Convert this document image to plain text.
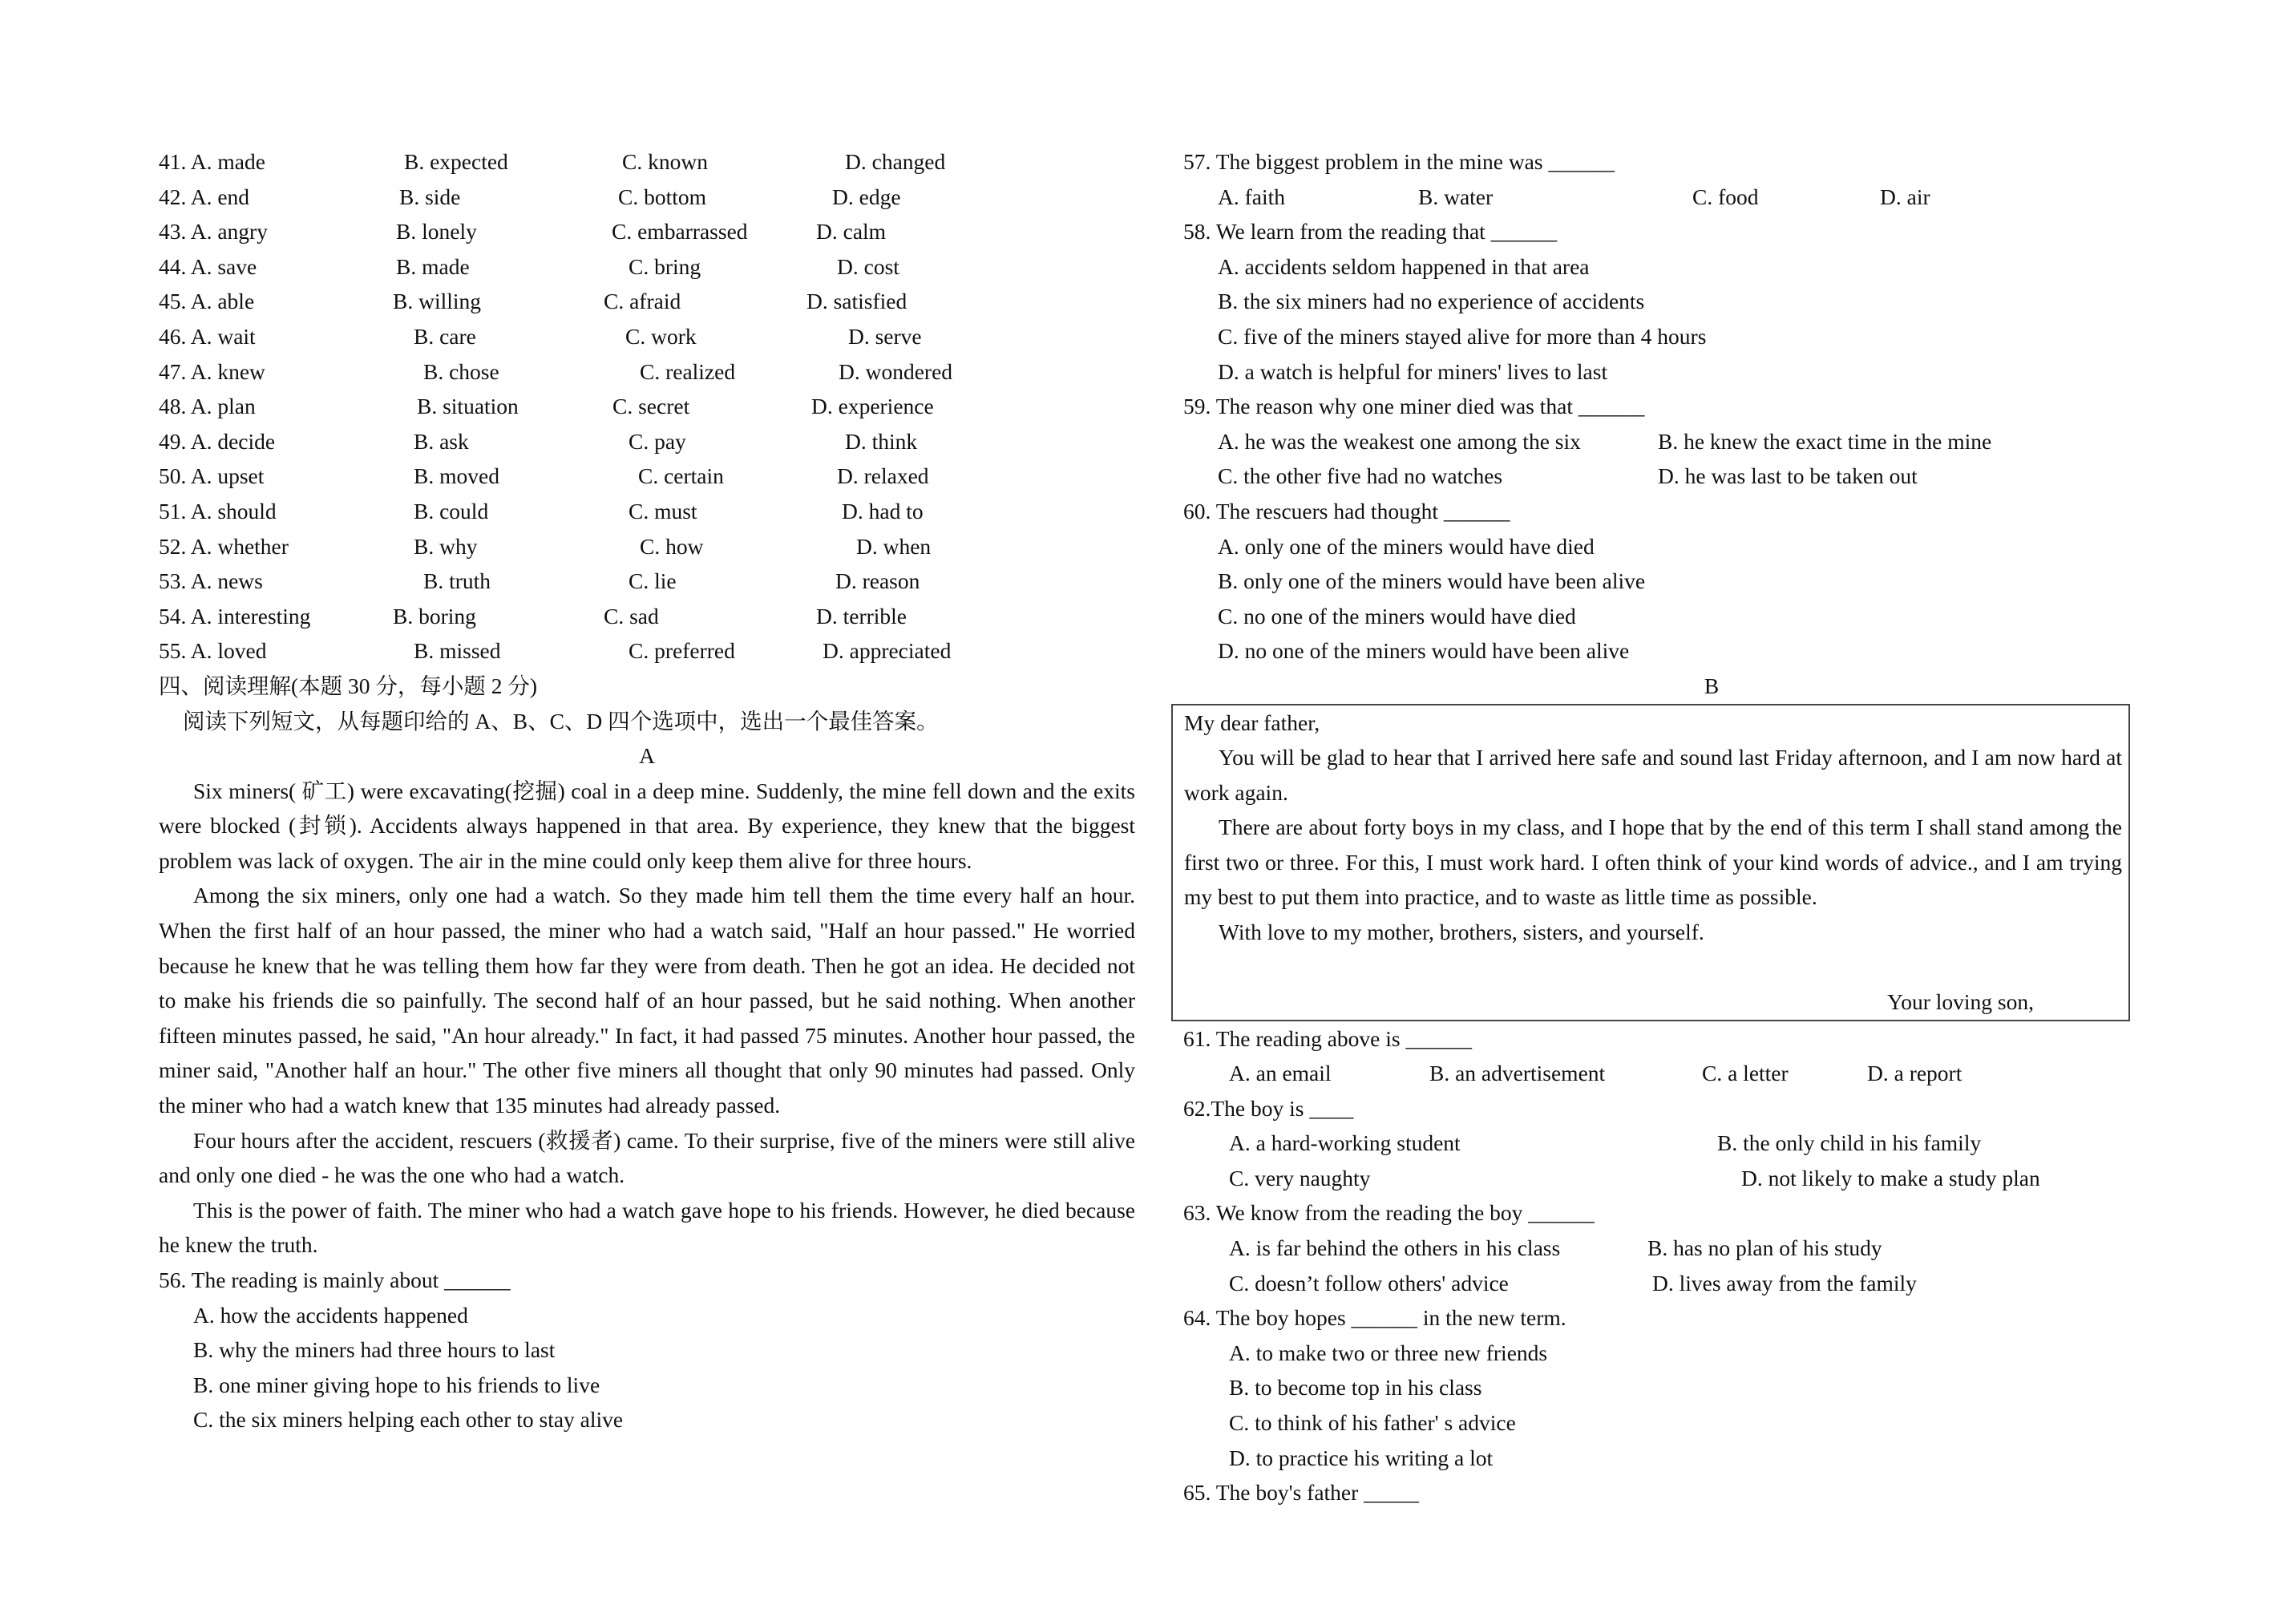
41. A. made	B. expected	C. known	D. changed
42. A. end	B. side	C. bottom	D. edge
43. A. angry	B. lonely	C. embarrassed	D. calm
44. A. save	B. made	C. bring	D. cost
45. A. able	B. willing	C. afraid	D. satisfied
46. A. wait	B. care	C. work	D. serve
47. A. knew	B. chose	C. realized	D. wondered
48. A. plan	B. situation	C. secret	D. experience
49. A. decide	B. ask	C. pay	D. think
50. A. upset	B. moved	C. certain	D. relaxed
51. A. should	B. could	C. must	D. had to
52. A. whether	B. why	C. how	D. when
53. A. news	B. truth	C. lie	D. reason
54. A. interesting	B. boring	C. sad	D. terrible
55. A. loved	B. missed	C. preferred	D. appreciated
四、阅读理解(本题 30 分，每小题 2 分)
阅读下列短文，从每题印给的 A、B、C、D 四个选项中，选出一个最佳答案。
A

Six miners( 矿工) were excavating(挖掘) coal in a deep mine. Suddenly, the mine fell down and the exits were blocked (封锁). Accidents always happened in that area. By experience, they knew that the biggest problem was lack of oxygen. The air in the mine could only keep them alive for three hours.

Among the six miners, only one had a watch. So they made him tell them the time every half an hour. When the first half of an hour passed, the miner who had a watch said, "Half an hour passed." He worried because he knew that he was telling them how far they were from death. Then he got an idea. He decided not to make his friends die so painfully. The second half of an hour passed, but he said nothing. When another fifteen minutes passed, he said, "An hour already." In fact, it had passed 75 minutes. Another hour passed, the miner said, "Another half an hour." The other five miners all thought that only 90 minutes had passed. Only the miner who had a watch knew that 135 minutes had already passed.

Four hours after the accident, rescuers (救援者) came. To their surprise, five of the miners were still alive and only one died - he was the one who had a watch.

This is the power of faith. The miner who had a watch gave hope to his friends. However, he died because he knew the truth.

56. The reading is mainly about ______
A. how the accidents happened
B. why the miners had three hours to last
B. one miner giving hope to his friends to live
C. the six miners helping each other to stay alive
57. The biggest problem in the mine was ______
A. faith	B. water	C. food	D. air
58. We learn from the reading that ______
A. accidents seldom happened in that area
B. the six miners had no experience of accidents
C. five of the miners stayed alive for more than 4 hours
D. a watch is helpful for miners' lives to last
59. The reason why one miner died was that ______
A. he was the weakest one among the six	B. he knew the exact time in the mine
C. the other five had no watches	D. he was last to be taken out
60. The rescuers had thought ______
A. only one of the miners would have died
B. only one of the miners would have been alive
C. no one of the miners would have died
D. no one of the miners would have been alive
B
My dear father,

You will be glad to hear that I arrived here safe and sound last Friday afternoon, and I am now hard at work again.

There are about forty boys in my class, and I hope that by the end of this term I shall stand among the first two or three. For this, I must work hard. I often think of your kind words of advice., and I am trying my best to put them into practice, and to waste as little time as possible.

With love to my mother, brothers, sisters, and yourself.

Your loving son,
61. The reading above is ______
A. an email	B. an advertisement	C. a letter	D. a report
62.The boy is ____
A. a hard-working student	B. the only child in his family
C. very naughty	D. not likely to make a study plan
63. We know from the reading the boy ______
A. is far behind the others in his class	B. has no plan of his study
C. doesn’t follow others' advice	D. lives away from the family
64. The boy hopes ______ in the new term.
A. to make two or three new friends
B. to become top in his class
C. to think of his father' s advice
D. to practice his writing a lot
65. The boy's father _____
